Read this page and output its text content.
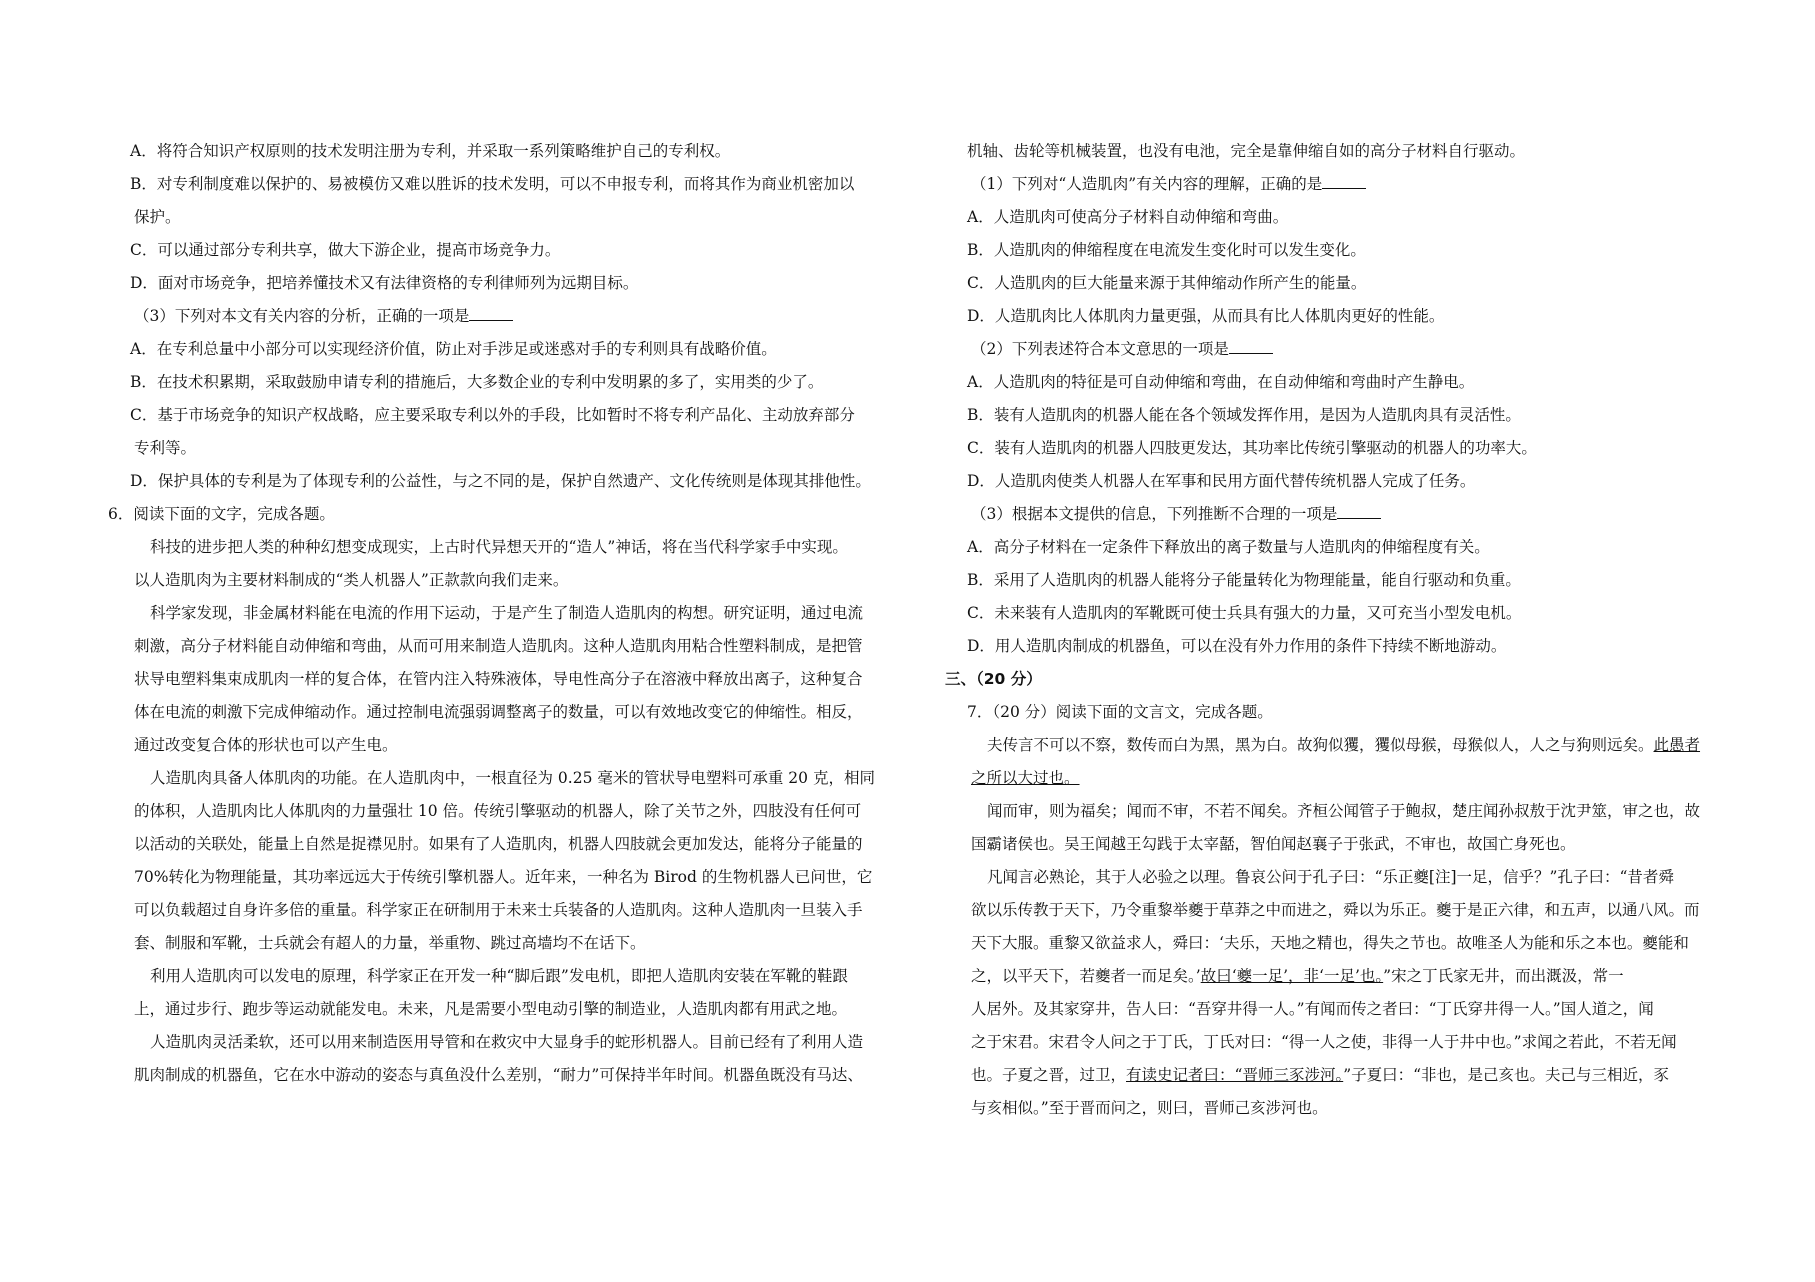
A．将符合知识产权原则的技术发明注册为专利，并采取一系列策略维护自己的专利权。
B．对专利制度难以保护的、易被模仿又难以胜诉的技术发明，可以不申报专利，而将其作为商业机密加以
保护。
C．可以通过部分专利共享，做大下游企业，提高市场竞争力。
D．面对市场竞争，把培养懂技术又有法律资格的专利律师列为远期目标。
（3）下列对本文有关内容的分析，正确的一项是
A．在专利总量中小部分可以实现经济价值，防止对手涉足或迷惑对手的专利则具有战略价值。
B．在技术积累期，采取鼓励申请专利的措施后，大多数企业的专利中发明累的多了，实用类的少了。
C．基于市场竞争的知识产权战略，应主要采取专利以外的手段，比如暂时不将专利产品化、主动放弃部分
专利等。
D．保护具体的专利是为了体现专利的公益性，与之不同的是，保护自然遗产、文化传统则是体现其排他性。
6．阅读下面的文字，完成各题。
科技的进步把人类的种种幻想变成现实，上古时代异想天开的“造人”神话，将在当代科学家手中实现。
以人造肌肉为主要材料制成的“类人机器人”正款款向我们走来。
科学家发现，非金属材料能在电流的作用下运动，于是产生了制造人造肌肉的构想。研究证明，通过电流
刺激，高分子材料能自动伸缩和弯曲，从而可用来制造人造肌肉。这种人造肌肉用粘合性塑料制成，是把管
状导电塑料集束成肌肉一样的复合体，在管内注入特殊液体，导电性高分子在溶液中释放出离子，这种复合
体在电流的刺激下完成伸缩动作。通过控制电流强弱调整离子的数量，可以有效地改变它的伸缩性。相反，
通过改变复合体的形状也可以产生电。
人造肌肉具备人体肌肉的功能。在人造肌肉中，一根直径为 0.25 毫米的管状导电塑料可承重 20 克，相同
的体积，人造肌肉比人体肌肉的力量强壮 10 倍。传统引擎驱动的机器人，除了关节之外，四肢没有任何可
以活动的关联处，能量上自然是捉襟见肘。如果有了人造肌肉，机器人四肢就会更加发达，能将分子能量的
70%转化为物理能量，其功率远远大于传统引擎机器人。近年来，一种名为 Birod 的生物机器人已问世，它
可以负载超过自身许多倍的重量。科学家正在研制用于未来士兵装备的人造肌肉。这种人造肌肉一旦装入手
套、制服和军靴，士兵就会有超人的力量，举重物、跳过高墙均不在话下。
利用人造肌肉可以发电的原理，科学家正在开发一种“脚后跟”发电机，即把人造肌肉安装在军靴的鞋跟
上，通过步行、跑步等运动就能发电。未来，凡是需要小型电动引擎的制造业，人造肌肉都有用武之地。
人造肌肉灵活柔软，还可以用来制造医用导管和在救灾中大显身手的蛇形机器人。目前已经有了利用人造
肌肉制成的机器鱼，它在水中游动的姿态与真鱼没什么差别，“耐力”可保持半年时间。机器鱼既没有马达、
机轴、齿轮等机械装置，也没有电池，完全是靠伸缩自如的高分子材料自行驱动。
（1）下列对“人造肌肉”有关内容的理解，正确的是
A．人造肌肉可使高分子材料自动伸缩和弯曲。
B．人造肌肉的伸缩程度在电流发生变化时可以发生变化。
C．人造肌肉的巨大能量来源于其伸缩动作所产生的能量。
D．人造肌肉比人体肌肉力量更强，从而具有比人体肌肉更好的性能。
（2）下列表述符合本文意思的一项是
A．人造肌肉的特征是可自动伸缩和弯曲，在自动伸缩和弯曲时产生静电。
B．装有人造肌肉的机器人能在各个领域发挥作用，是因为人造肌肉具有灵活性。
C．装有人造肌肉的机器人四肢更发达，其功率比传统引擎驱动的机器人的功率大。
D．人造肌肉使类人机器人在军事和民用方面代替传统机器人完成了任务。
（3）根据本文提供的信息，下列推断不合理的一项是
A．高分子材料在一定条件下释放出的离子数量与人造肌肉的伸缩程度有关。
B．采用了人造肌肉的机器人能将分子能量转化为物理能量，能自行驱动和负重。
C．未来装有人造肌肉的军靴既可使士兵具有强大的力量，又可充当小型发电机。
D．用人造肌肉制成的机器鱼，可以在没有外力作用的条件下持续不断地游动。
三、（20 分）
7．（20 分）阅读下面的文言文，完成各题。
夫传言不可以不察，数传而白为黑，黑为白。故狗似玃，玃似母猴，母猴似人，人之与狗则远矣。此愚者
之所以大过也。
闻而审，则为福矣；闻而不审，不若不闻矣。齐桓公闻管子于鲍叔，楚庄闻孙叔敖于沈尹筮，审之也，故
国霸诸侯也。吴王闻越王勾践于太宰嚭，智伯闻赵襄子于张武，不审也，故国亡身死也。
凡闻言必熟论，其于人必验之以理。鲁哀公问于孔子曰：“乐正夔[注]一足，信乎？”孔子曰：“昔者舜
欲以乐传教于天下，乃令重黎举夔于草莽之中而进之，舜以为乐正。夔于是正六律，和五声，以通八风。而
天下大服。重黎又欲益求人，舜曰：‘夫乐，天地之精也，得失之节也。故唯圣人为能和乐之本也。夔能和
之，以平天下，若夔者一而足矣。’故曰‘夔一足’，非‘一足’也。”宋之丁氏家无井，而出溉汲，常一
人居外。及其家穿井，告人曰：“吾穿井得一人。”有闻而传之者曰：“丁氏穿井得一人。”国人道之，闻
之于宋君。宋君令人问之于丁氏，丁氏对曰：“得一人之使，非得一人于井中也。”求闻之若此，不若无闻
也。子夏之晋，过卫，有读史记者曰：“晋师三豕涉河。”子夏曰：“非也，是己亥也。夫己与三相近，豕
与亥相似。”至于晋而问之，则曰，晋师己亥涉河也。
